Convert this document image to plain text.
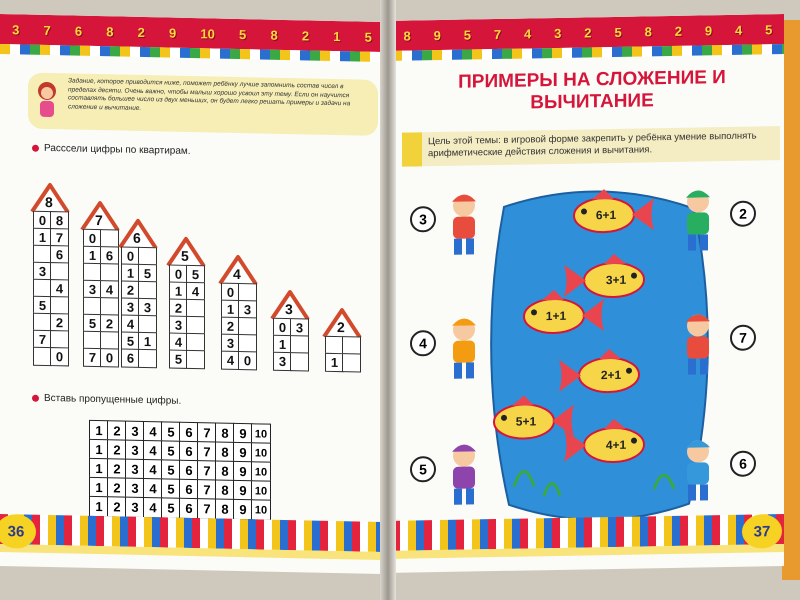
3 7 6 8 2 9 10 5 8 2 1 5
Задание, которое приводится ниже, поможет ребёнку лучше запомнить состав чисел в пределах десяти. Очень важно, чтобы малыш хорошо усвоил эту тему. Если он научится составлять большее число из двух меньших, он будет легко решать примеры и задачи на сложение и вычитание.
Расссели цифры по квартирам.
8
0 8
1 7
6
3
4
5
2
7
0
7
0
1 6
3 4
5 2
7 0
6
0
1 5
2
3 3
4
5 1
6
5
0 5
1 4
2
3
4
5
4
0
1 3
2
3
4 0
3
0 3
1
3
2
1
Вставь пропущенные цифры.
1 2 3 4 5 6 7 8 9 10
1 2 3 4 5 6 7 8 9 10
1 2 3 4 5 6 7 8 9 10
1 2 3 4 5 6 7 8 9 10
1 2 3 4 5 6 7 8 9 10
36
8 9 5 7 4 3 2 5 8 2 9 4 5
ПРИМЕРЫ НА СЛОЖЕНИЕ И ВЫЧИТАНИЕ
Цель этой темы: в игровой форме закрепить у ребёнка умение выполнять арифметические действия сложения и вычитания.
6+1
3+1
1+1
2+1
5+1
4+1
3
4
5
2
7
6
37
